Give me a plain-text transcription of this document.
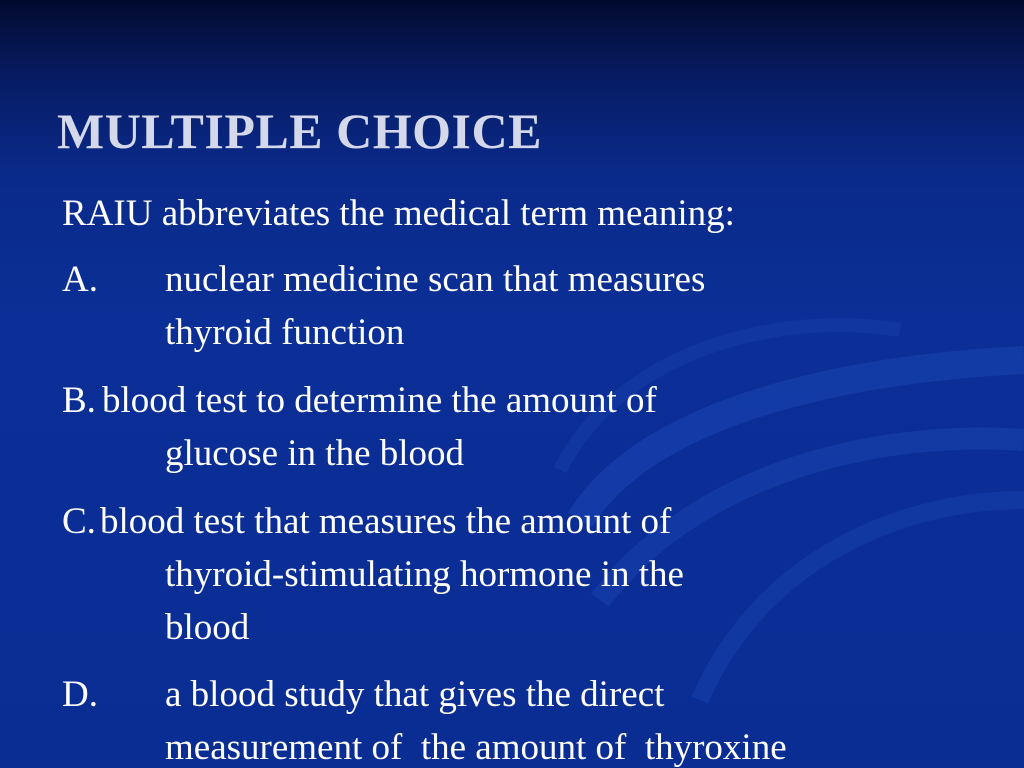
MULTIPLE CHOICE

RAIU abbreviates the medical term meaning:

A. nuclear medicine scan that measures
thyroid function
B. blood test to determine the amount of
glucose in the blood
C. blood test that measures the amount of
thyroid-stimulating hormone in the
blood
D. a blood study that gives the direct
measurement of  the amount of  thyroxine
